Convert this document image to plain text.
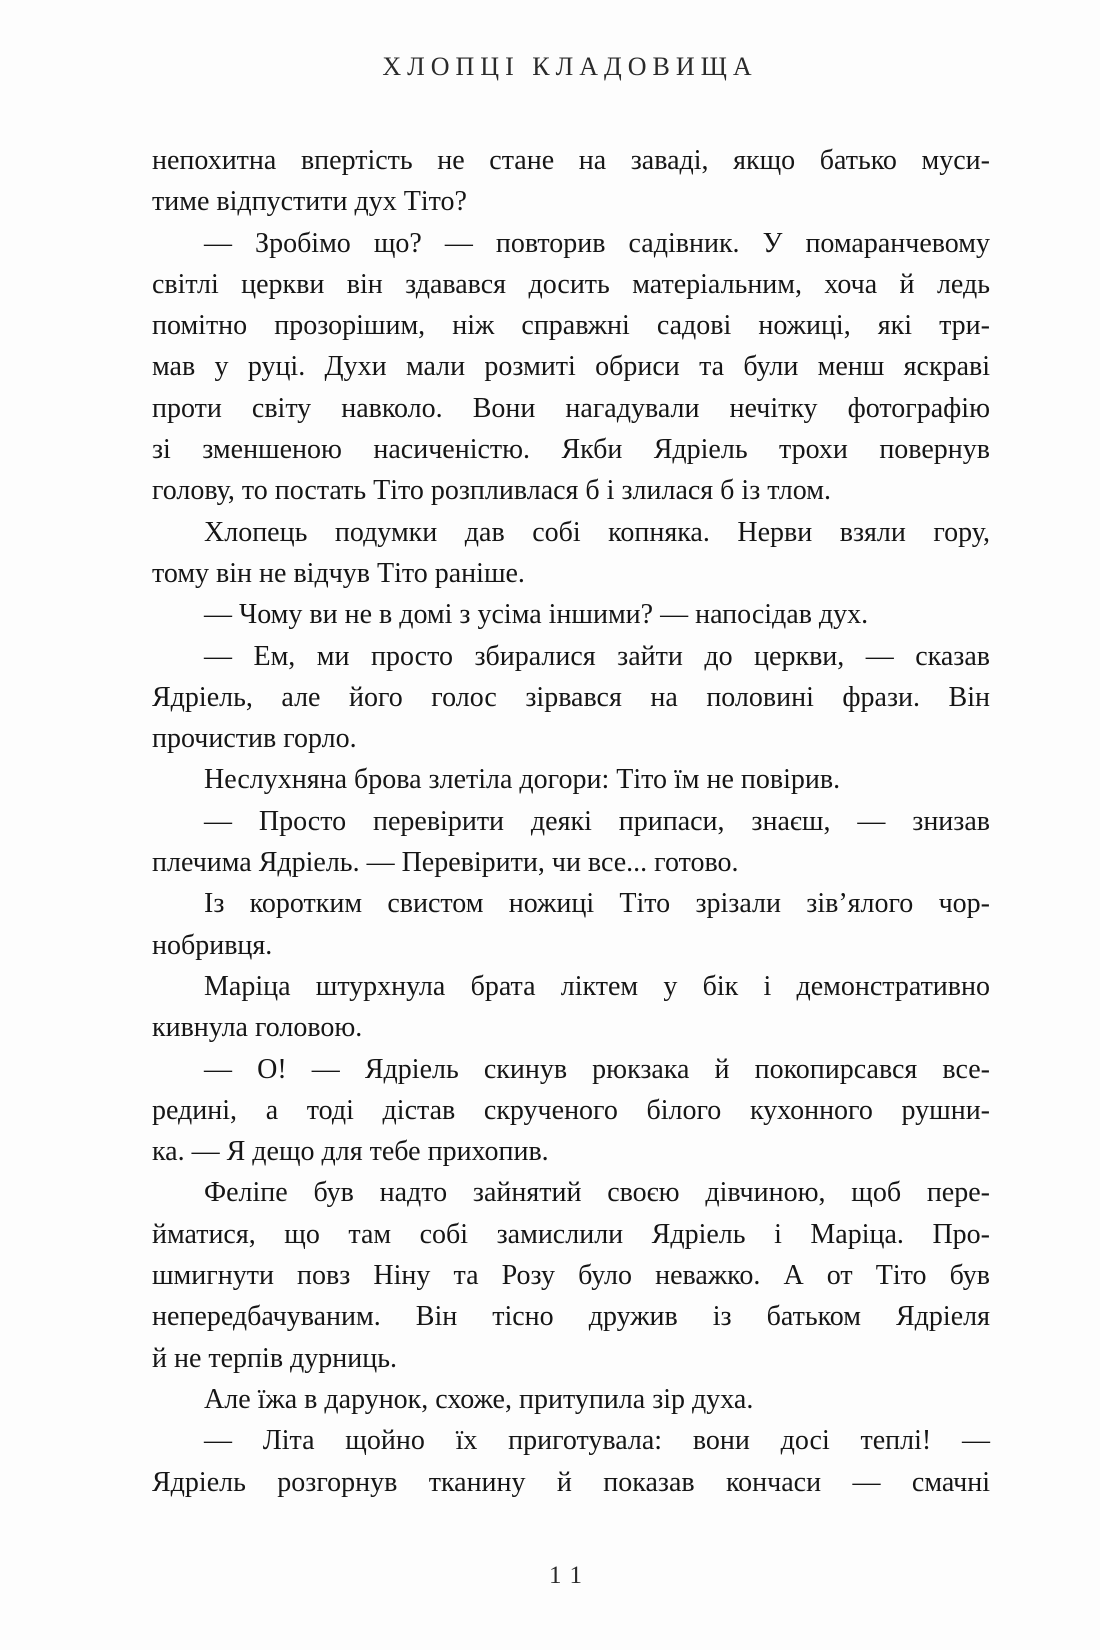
ХЛОПЦІ КЛАДОВИЩА
непохитна впертість не стане на заваді, якщо батько муси-
тиме відпустити дух Тіто?
— Зробімо що? — повторив садівник. У помаранчевому
світлі церкви він здавався досить матеріальним, хоча й ледь
помітно прозорішим, ніж справжні садові ножиці, які три-
мав у руці. Духи мали розмиті обриси та були менш яскраві
проти світу навколо. Вони нагадували нечітку фотографію
зі зменшеною насиченістю. Якби Ядріель трохи повернув
голову, то постать Тіто розпливлася б і злилася б із тлом.
Хлопець подумки дав собі копняка. Нерви взяли гору,
тому він не відчув Тіто раніше.
— Чому ви не в домі з усіма іншими? — напосідав дух.
— Ем, ми просто збиралися зайти до церкви, — сказав
Ядріель, але його голос зірвався на половині фрази. Він
прочистив горло.
Неслухняна брова злетіла догори: Тіто їм не повірив.
— Просто перевірити деякі припаси, знаєш, — знизав
плечима Ядріель. — Перевірити, чи все... готово.
Із коротким свистом ножиці Тіто зрізали зів’ялого чор-
нобривця.
Маріца штурхнула брата ліктем у бік і демонстративно
кивнула головою.
— О! — Ядріель скинув рюкзака й покопирсався все-
редині, а тоді дістав скрученого білого кухонного рушни-
ка. — Я дещо для тебе прихопив.
Феліпе був надто зайнятий своєю дівчиною, щоб пере-
йматися, що там собі замислили Ядріель і Маріца. Про-
шмигнути повз Ніну та Розу було неважко. А от Тіто був
непередбачуваним. Він тісно дружив із батьком Ядріеля
й не терпів дурниць.
Але їжа в дарунок, схоже, притупила зір духа.
— Літа щойно їх приготувала: вони досі теплі! —
Ядріель розгорнув тканину й показав кончаси — смачні
11
